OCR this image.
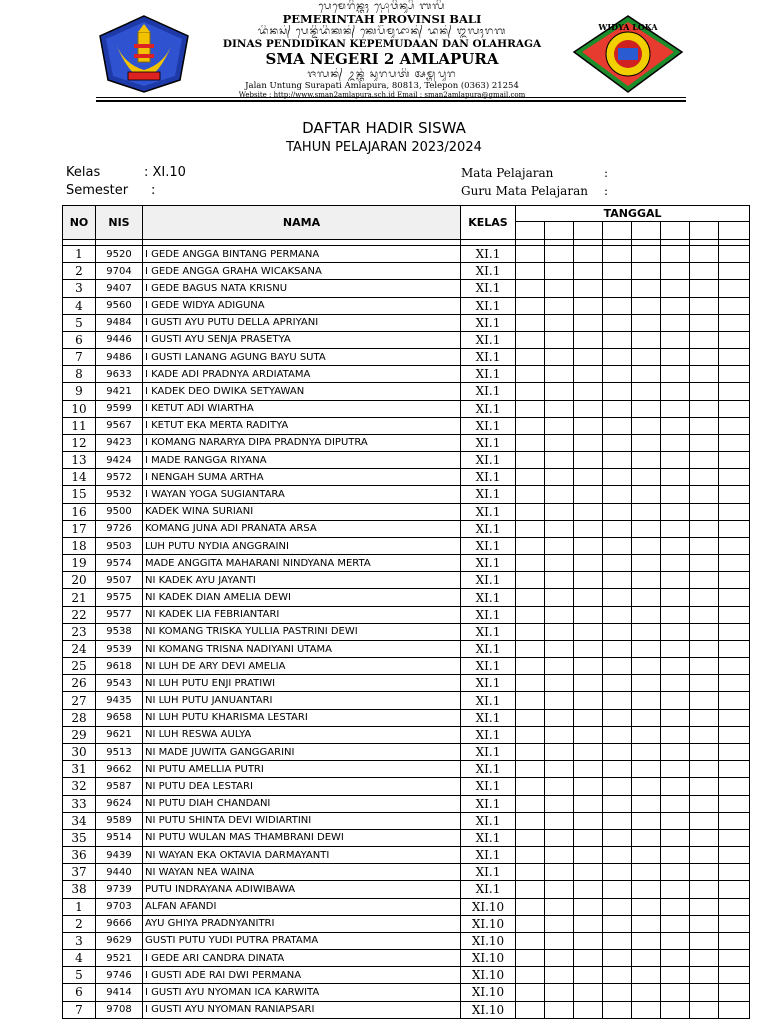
ᬧᬾᬫᬾᬭᬶᬦ᭄ᬢᬄ ᬧ᭄ᬭᭀᬯᬶᬦ᭄ᬲᬶ ᬩᬮᬶ
PEMERINTAH PROVINSI BALI
ᬤᬶᬦᬲ᭄ ᬧᬾᬦ᭄ᬤᬶᬤᬶᬓᬦ᭄ ᬓᬾᬧᭂᬫᬸᬤᬵᬦ᭄ ᬤᬦ᭄ ᬑᬮᬄᬭᬕ
DINAS PENDIDIKAN KEPEMUDAAN DAN OLAHRAGA
SMA NEGERI 2 AMLAPURA
ᬚᬮᬦ᭄ ᬉᬦ᭄ᬢᬸᬂ ᬲᬸᬭᬧᬢᬶ ᬅᬫ᭄ᬮᬧᬸᬭ
Jalan Untung Surapati Amlapura, 80813, Telepon (0363) 21254
Website : http://www.sman2amlapura.sch.id Email : sman2amlapura@gmail.com
WIDYA LOKA
DAFTAR HADIR SISWA
TAHUN PELAJARAN 2023/2024
Kelas	: XI.10
Semester :
Mata Pelajaran	:
Guru Mata Pelajaran :
NO	NIS	NAMA	KELAS	TANGGAL							

1	9520	I GEDE ANGGA BINTANG PERMANA	XI.1								
2	9704	I GEDE ANGGA GRAHA WICAKSANA	XI.1								
3	9407	I GEDE BAGUS NATA KRISNU	XI.1								
4	9560	I GEDE WIDYA ADIGUNA	XI.1								
5	9484	I GUSTI AYU PUTU DELLA APRIYANI	XI.1								
6	9446	I GUSTI AYU SENJA PRASETYA	XI.1								
7	9486	I GUSTI LANANG AGUNG BAYU SUTA	XI.1								
8	9633	I KADE ADI PRADNYA ARDIATAMA	XI.1								
9	9421	I KADEK DEO DWIKA SETYAWAN	XI.1								
10	9599	I KETUT ADI WIARTHA	XI.1								
11	9567	I KETUT EKA MERTA RADITYA	XI.1								
12	9423	I KOMANG NARARYA DIPA PRADNYA DIPUTRA	XI.1								
13	9424	I MADE RANGGA RIYANA	XI.1								
14	9572	I NENGAH SUMA ARTHA	XI.1								
15	9532	I WAYAN YOGA SUGIANTARA	XI.1								
16	9500	KADEK WINA SURIANI	XI.1								
17	9726	KOMANG JUNA ADI PRANATA ARSA	XI.1								
18	9503	LUH PUTU NYDIA ANGGRAINI	XI.1								
19	9574	MADE ANGGITA MAHARANI NINDYANA MERTA	XI.1								
20	9507	NI KADEK AYU JAYANTI	XI.1								
21	9575	NI KADEK DIAN AMELIA DEWI	XI.1								
22	9577	NI KADEK LIA FEBRIANTARI	XI.1								
23	9538	NI KOMANG TRISKA YULLIA PASTRINI DEWI	XI.1								
24	9539	NI KOMANG TRISNA NADIYANI UTAMA	XI.1								
25	9618	NI LUH DE ARY DEVI AMELIA	XI.1								
26	9543	NI LUH PUTU ENJI PRATIWI	XI.1								
27	9435	NI LUH PUTU JANUANTARI	XI.1								
28	9658	NI LUH PUTU KHARISMA LESTARI	XI.1								
29	9621	NI LUH RESWA AULYA	XI.1								
30	9513	NI MADE JUWITA GANGGARINI	XI.1								
31	9662	NI PUTU AMELLIA PUTRI	XI.1								
32	9587	NI PUTU DEA LESTARI	XI.1								
33	9624	NI PUTU DIAH CHANDANI	XI.1								
34	9589	NI PUTU SHINTA DEVI WIDIARTINI	XI.1								
35	9514	NI PUTU WULAN MAS THAMBRANI DEWI	XI.1								
36	9439	NI WAYAN EKA OKTAVIA DARMAYANTI	XI.1								
37	9440	NI WAYAN NEA WAINA	XI.1								
38	9739	PUTU INDRAYANA ADIWIBAWA	XI.1								
1	9703	ALFAN AFANDI	XI.10								
2	9666	AYU GHIYA PRADNYANITRI	XI.10								
3	9629	GUSTI PUTU YUDI PUTRA PRATAMA	XI.10								
4	9521	I GEDE ARI CANDRA DINATA	XI.10								
5	9746	I GUSTI ADE RAI DWI PERMANA	XI.10								
6	9414	I GUSTI AYU NYOMAN ICA KARWITA	XI.10								
7	9708	I GUSTI AYU NYOMAN RANIAPSARI	XI.10								
